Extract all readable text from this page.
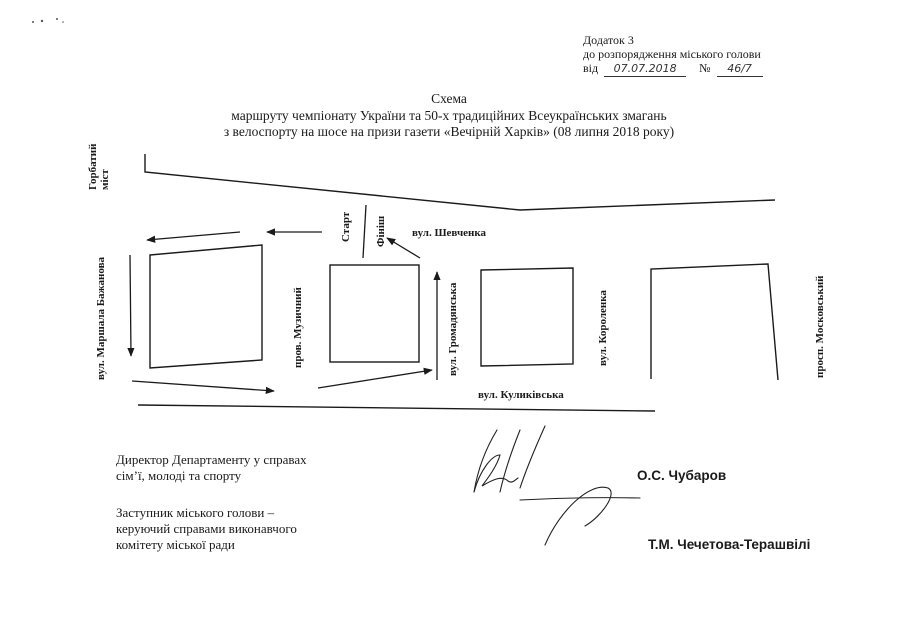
Додаток 3
до розпорядження міського голови
від 07.07.2018 № 46/7
Схема
маршруту чемпіонату України та 50-х традиційних Всеукраїнських змагань
з велоспорту на шосе на призи газети «Вечірній Харків» (08 липня 2018 року)
Горбатий міст
Старт Фініш вул. Шевченка
вул. Маршала Бажанова	пров. Музичний	вул. Громадянська	вул. Короленка	просп. Московський
вул. Куликівська
Директор Департаменту у справах
сім’ї, молоді та спорту	О.С. Чубаров
Заступник міського голови –
керуючий справами виконавчого
комітету міської ради	Т.М. Чечетова-Терашвілі
